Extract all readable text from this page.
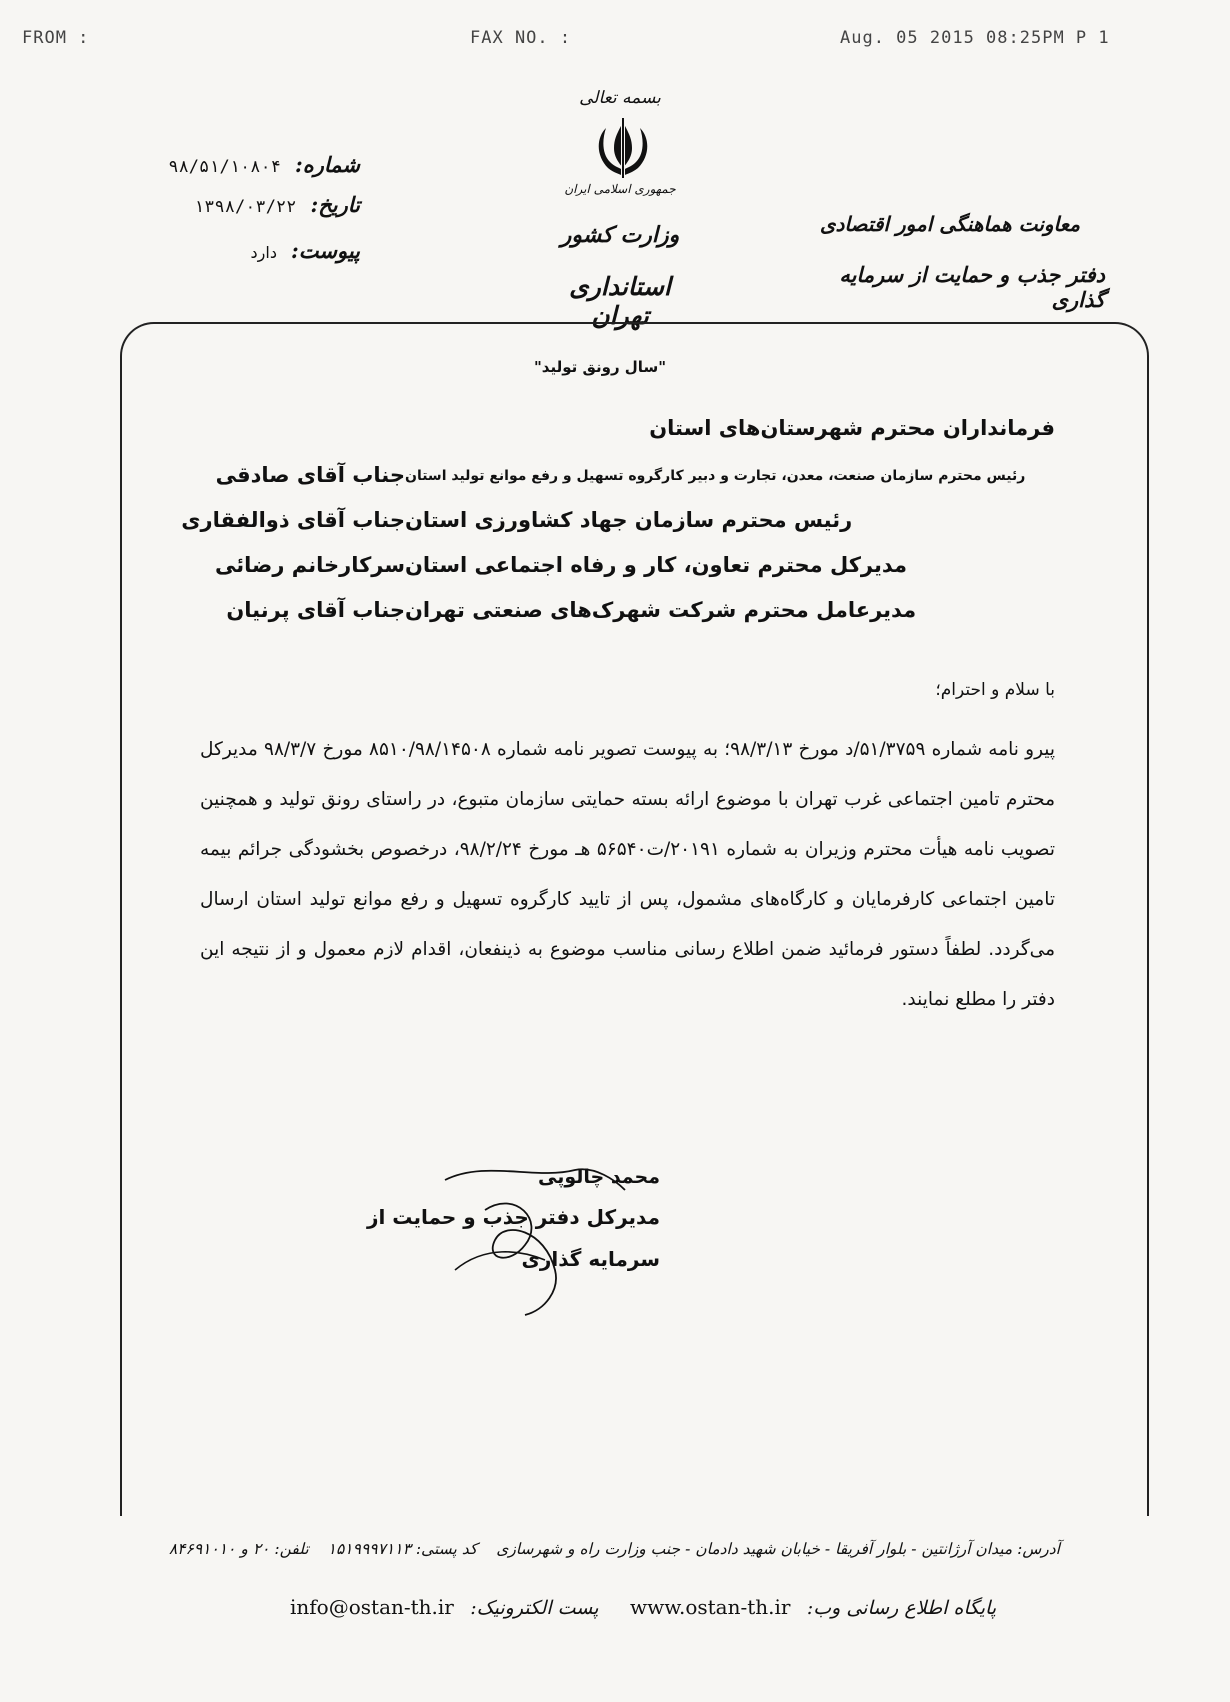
FROM :	FAX NO. :	Aug. 05 2015 08:25PM P 1
بسمه تعالی
جمهوری اسلامی ایران
وزارت کشور
استانداری تهران
معاونت هماهنگی امور اقتصادی
دفتر جذب و حمایت از سرمایه گذاری
شماره: ۹۸/۵۱/۱۰۸۰۴
تاریخ: ۱۳۹۸/۰۳/۲۲
پیوست: دارد
"سال رونق تولید"
فرمانداران محترم شهرستان‌های استان
جناب آقای صادقی رئیس محترم سازمان صنعت، معدن، تجارت و دبیر کارگروه تسهیل و رفع موانع تولید استان
جناب آقای ذوالفقاری رئیس محترم سازمان جهاد کشاورزی استان
سرکارخانم رضائی مدیرکل محترم تعاون، کار و رفاه اجتماعی استان
جناب آقای پرنیان مدیرعامل محترم شرکت شهرک‌های صنعتی تهران
با سلام و احترام؛

پیرو نامه شماره ۵۱/۳۷۵۹/د مورخ ۹۸/۳/۱۳؛ به پیوست تصویر نامه شماره ۸۵۱۰/۹۸/۱۴۵۰۸ مورخ ۹۸/۳/۷ مدیرکل محترم تامین اجتماعی غرب تهران با موضوع ارائه بسته حمایتی سازمان متبوع، در راستای رونق تولید و همچنین تصویب نامه هیأت محترم وزیران به شماره ۲۰۱۹۱/ت۵۶۵۴۰ هـ مورخ ۹۸/۲/۲۴، درخصوص بخشودگی جرائم بیمه تامین اجتماعی کارفرمایان و کارگاه‌های مشمول، پس از تایید کارگروه تسهیل و رفع موانع تولید استان ارسال می‌گردد. لطفاً دستور فرمائید ضمن اطلاع رسانی مناسب موضوع به ذینفعان، اقدام لازم معمول و از نتیجه این دفتر را مطلع نمایند.

محمد چالوپی
مدیرکل دفتر جذب و حمایت از
سرمایه گذاری
آدرس: میدان آرژانتین - بلوار آفریقا - خیابان شهید دادمان - جنب وزارت راه و شهرسازی کد پستی: ۱۵۱۹۹۹۷۱۱۳ تلفن: ۲۰ و ۸۴۶۹۱۰۱۰
پایگاه اطلاع رسانی وب: www.ostan-th.ir
پست الکترونیک: info@ostan-th.ir
